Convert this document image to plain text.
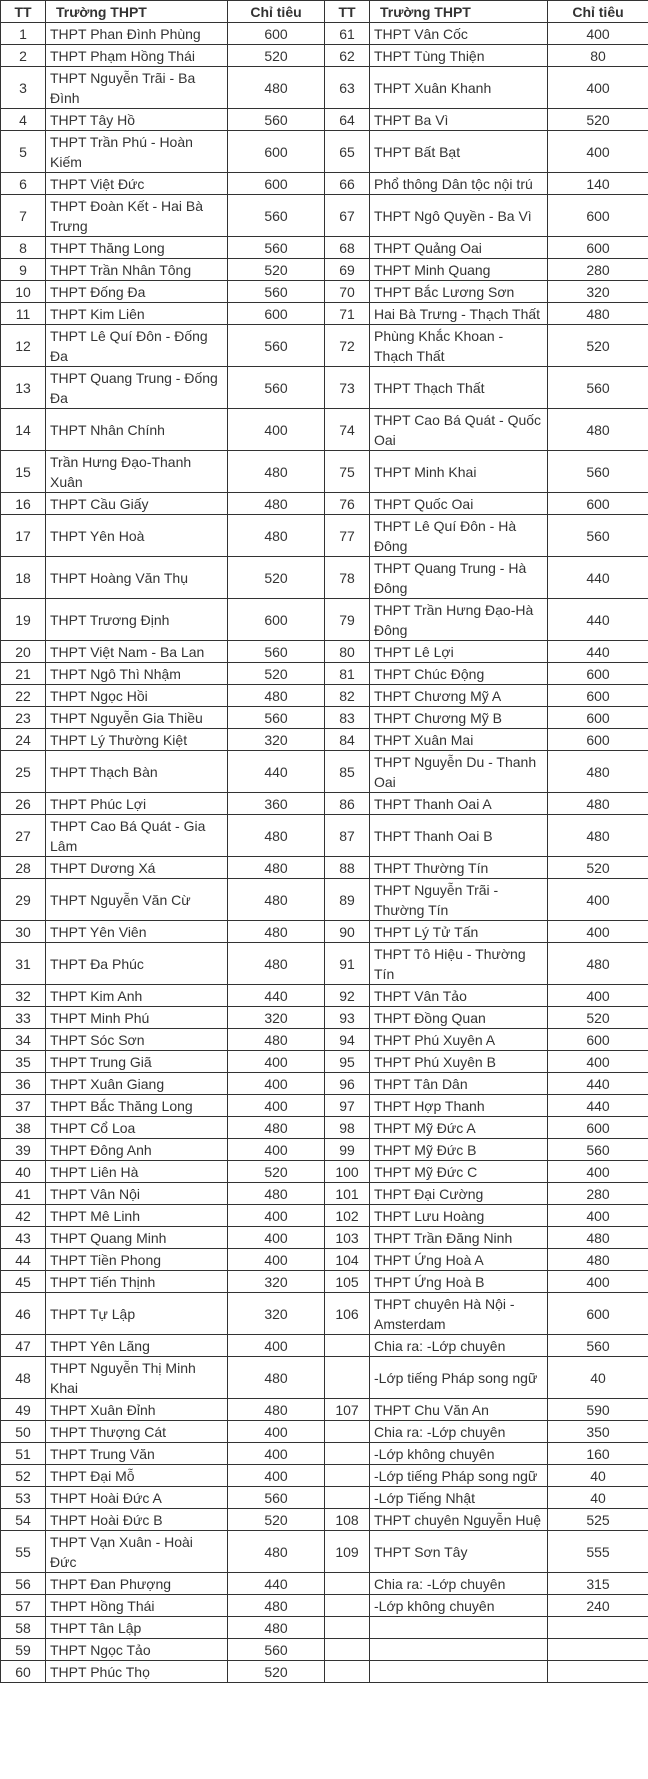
TT	Trường THPT	Chỉ tiêu	TT	Trường THPT	Chỉ tiêu
1	THPT Phan Đình Phùng	600	61	THPT Vân Cốc	400
2	THPT Phạm Hồng Thái	520	62	THPT Tùng Thiện	80
3	THPT Nguyễn Trãi - Ba Đình	480	63	THPT Xuân Khanh	400
4	THPT Tây Hồ	560	64	THPT Ba Vì	520
5	THPT Trần Phú - Hoàn Kiếm	600	65	THPT Bất Bạt	400
6	THPT Việt Đức	600	66	Phổ thông Dân tộc nội trú	140
7	THPT Đoàn Kết - Hai Bà Trưng	560	67	THPT Ngô Quyền - Ba Vì	600
8	THPT Thăng Long	560	68	THPT Quảng Oai	600
9	THPT Trần Nhân Tông	520	69	THPT Minh Quang	280
10	THPT Đống Đa	560	70	THPT Bắc Lương Sơn	320
11	THPT Kim Liên	600	71	Hai Bà Trưng - Thạch Thất	480
12	THPT Lê Quí Đôn - Đống Đa	560	72	Phùng Khắc Khoan - Thạch Thất	520
13	THPT Quang Trung - Đống Đa	560	73	THPT Thạch Thất	560
14	THPT Nhân Chính	400	74	THPT Cao Bá Quát - Quốc Oai	480
15	Trần Hưng Đạo-Thanh Xuân	480	75	THPT Minh Khai	560
16	THPT Cầu Giấy	480	76	THPT Quốc Oai	600
17	THPT Yên Hoà	480	77	THPT Lê Quí Đôn - Hà Đông	560
18	THPT Hoàng Văn Thụ	520	78	THPT Quang Trung - Hà Đông	440
19	THPT Trương Định	600	79	THPT Trần Hưng Đạo-Hà Đông	440
20	THPT Việt Nam - Ba Lan	560	80	THPT Lê Lợi	440
21	THPT Ngô Thì Nhậm	520	81	THPT Chúc Động	600
22	THPT Ngọc Hồi	480	82	THPT Chương Mỹ A	600
23	THPT Nguyễn Gia Thiều	560	83	THPT Chương Mỹ B	600
24	THPT Lý Thường Kiệt	320	84	THPT Xuân Mai	600
25	THPT Thạch Bàn	440	85	THPT Nguyễn Du - Thanh Oai	480
26	THPT Phúc Lợi	360	86	THPT Thanh Oai A	480
27	THPT Cao Bá Quát - Gia Lâm	480	87	THPT Thanh Oai B	480
28	THPT Dương Xá	480	88	THPT Thường Tín	520
29	THPT Nguyễn Văn Cừ	480	89	THPT Nguyễn Trãi - Thường Tín	400
30	THPT Yên Viên	480	90	THPT Lý Tử Tấn	400
31	THPT Đa Phúc	480	91	THPT Tô Hiệu - Thường Tín	480
32	THPT Kim Anh	440	92	THPT Vân Tảo	400
33	THPT Minh Phú	320	93	THPT Đồng Quan	520
34	THPT Sóc Sơn	480	94	THPT Phú Xuyên A	600
35	THPT Trung Giã	400	95	THPT Phú Xuyên B	400
36	THPT Xuân Giang	400	96	THPT Tân Dân	440
37	THPT Bắc Thăng Long	400	97	THPT Hợp Thanh	440
38	THPT Cổ Loa	480	98	THPT Mỹ Đức A	600
39	THPT Đông Anh	400	99	THPT Mỹ Đức B	560
40	THPT Liên Hà	520	100	THPT Mỹ Đức C	400
41	THPT Vân Nội	480	101	THPT Đại Cường	280
42	THPT Mê Linh	400	102	THPT Lưu Hoàng	400
43	THPT Quang Minh	400	103	THPT Trần Đăng Ninh	480
44	THPT Tiền Phong	400	104	THPT Ứng Hoà A	480
45	THPT Tiến Thịnh	320	105	THPT Ứng Hoà B	400
46	THPT Tự Lập	320	106	THPT chuyên Hà Nội - Amsterdam	600
47	THPT Yên Lãng	400		Chia ra: -Lớp chuyên	560
48	THPT Nguyễn Thị Minh Khai	480		-Lớp tiếng Pháp song ngữ	40
49	THPT Xuân Đỉnh	480	107	THPT Chu Văn An	590
50	THPT Thượng Cát	400		Chia ra: -Lớp chuyên	350
51	THPT Trung Văn	400		-Lớp không chuyên	160
52	THPT Đại Mỗ	400		-Lớp tiếng Pháp song ngữ	40
53	THPT Hoài Đức A	560		-Lớp Tiếng Nhật	40
54	THPT Hoài Đức B	520	108	THPT chuyên Nguyễn Huệ	525
55	THPT Vạn Xuân - Hoài Đức	480	109	THPT Sơn Tây	555
56	THPT Đan Phượng	440		Chia ra: -Lớp chuyên	315
57	THPT Hồng Thái	480		-Lớp không chuyên	240
58	THPT Tân Lập	480			
59	THPT Ngọc Tảo	560			
60	THPT Phúc Thọ	520			
